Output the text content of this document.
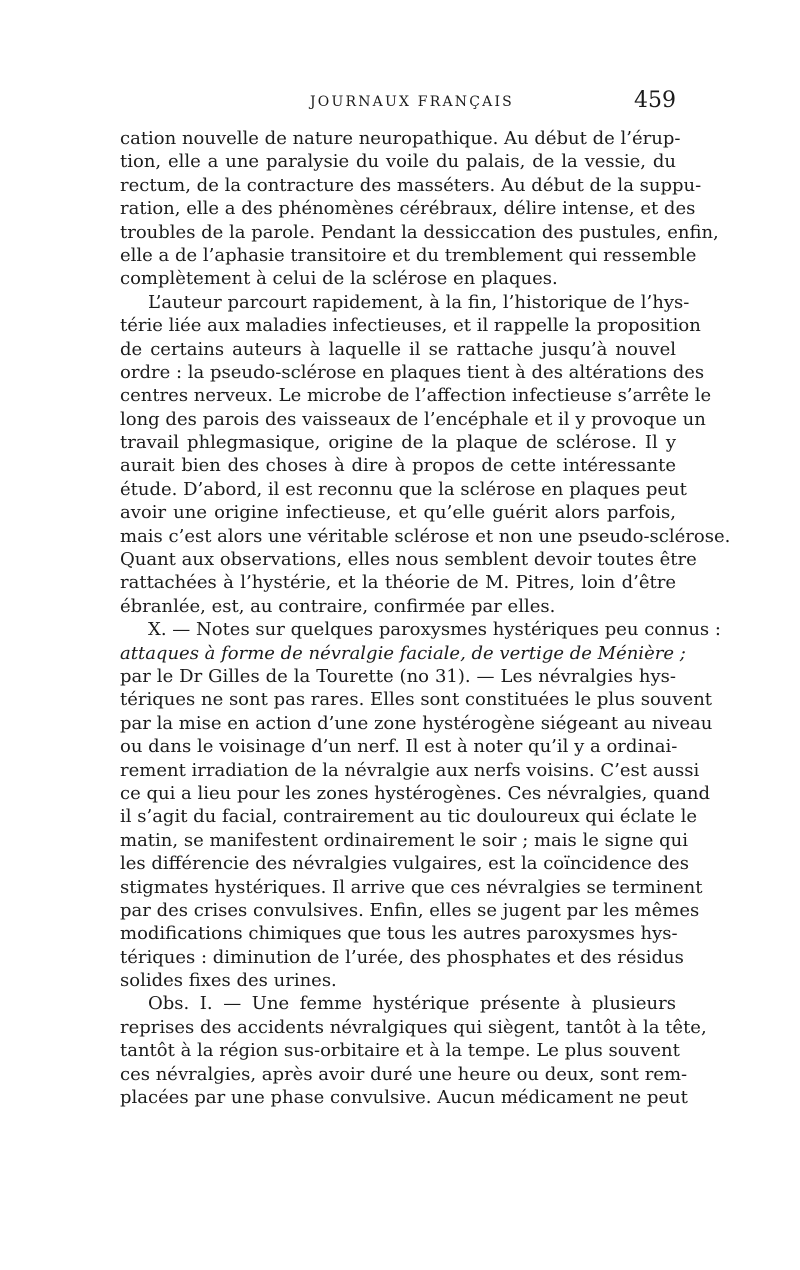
JOURNAUX FRANÇAIS	459
cation nouvelle de nature neuropathique. Au début de l’érup-
tion, elle a une paralysie du voile du palais, de la vessie, du
rectum, de la contracture des masséters. Au début de la suppu-
ration, elle a des phénomènes cérébraux, délire intense, et des
troubles de la parole. Pendant la dessiccation des pustules, enfin,
elle a de l’aphasie transitoire et du tremblement qui ressemble
complètement à celui de la sclérose en plaques.
L’auteur parcourt rapidement, à la fin, l’historique de l’hys-
térie liée aux maladies infectieuses, et il rappelle la proposition
de certains auteurs à laquelle il se rattache jusqu’à nouvel
ordre : la pseudo-sclérose en plaques tient à des altérations des
centres nerveux. Le microbe de l’affection infectieuse s’arrête le
long des parois des vaisseaux de l’encéphale et il y provoque un
travail phlegmasique, origine de la plaque de sclérose. Il y
aurait bien des choses à dire à propos de cette intéressante
étude. D’abord, il est reconnu que la sclérose en plaques peut
avoir une origine infectieuse, et qu’elle guérit alors parfois,
mais c’est alors une véritable sclérose et non une pseudo-sclérose.
Quant aux observations, elles nous semblent devoir toutes être
rattachées à l’hystérie, et la théorie de M. Pitres, loin d’être
ébranlée, est, au contraire, confirmée par elles.
X. — Notes sur quelques paroxysmes hystériques peu connus :
attaques à forme de névralgie faciale, de vertige de Ménière ;
par le Dr Gilles de la Tourette (no 31). — Les névralgies hys-
tériques ne sont pas rares. Elles sont constituées le plus souvent
par la mise en action d’une zone hystérogène siégeant au niveau
ou dans le voisinage d’un nerf. Il est à noter qu’il y a ordinai-
rement irradiation de la névralgie aux nerfs voisins. C’est aussi
ce qui a lieu pour les zones hystérogènes. Ces névralgies, quand
il s’agit du facial, contrairement au tic douloureux qui éclate le
matin, se manifestent ordinairement le soir ; mais le signe qui
les différencie des névralgies vulgaires, est la coïncidence des
stigmates hystériques. Il arrive que ces névralgies se terminent
par des crises convulsives. Enfin, elles se jugent par les mêmes
modifications chimiques que tous les autres paroxysmes hys-
tériques : diminution de l’urée, des phosphates et des résidus
solides fixes des urines.
Obs. I. — Une femme hystérique présente à plusieurs
reprises des accidents névralgiques qui siègent, tantôt à la tête,
tantôt à la région sus-orbitaire et à la tempe. Le plus souvent
ces névralgies, après avoir duré une heure ou deux, sont rem-
placées par une phase convulsive. Aucun médicament ne peut
